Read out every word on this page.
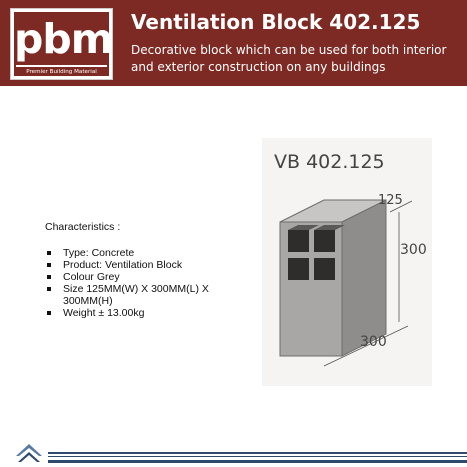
pbm
Premier Building Material
Ventilation Block 402.125
Decorative block which can be used for both interior and exterior construction on any buildings
Characteristics :
Type: Concrete
Product: Ventilation Block
Colour Grey
Size 125MM(W) X 300MM(L) X 300MM(H)
Weight ± 13.00kg
VB 402.125
125
300
300
